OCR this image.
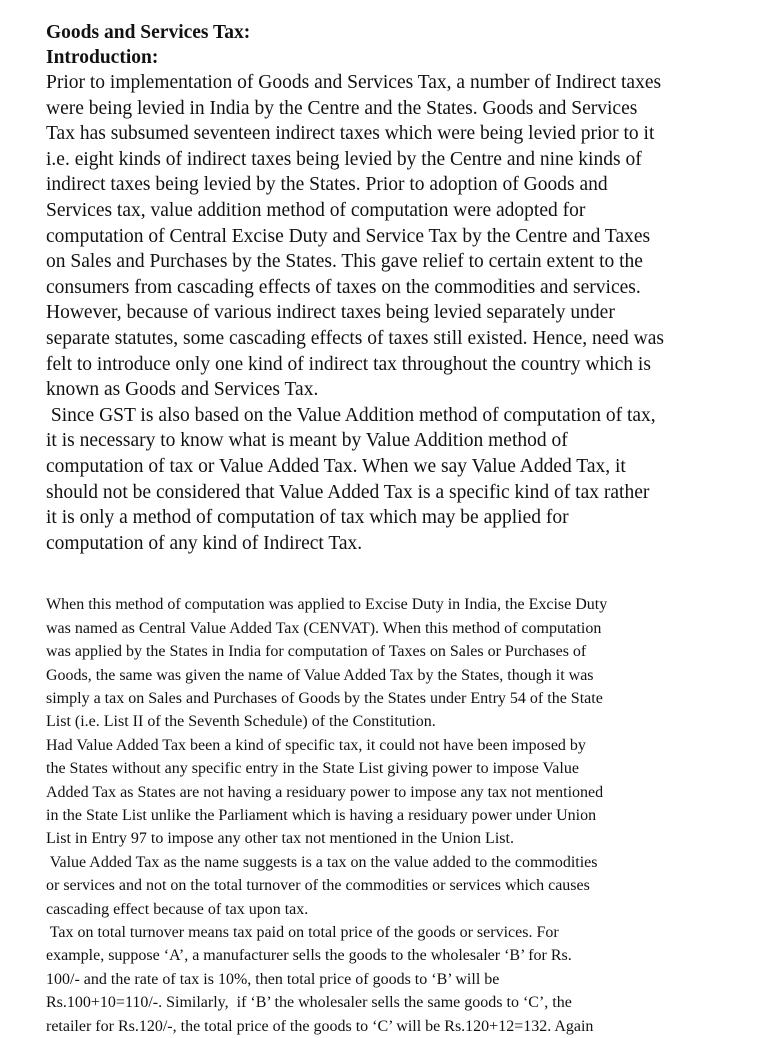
Goods and Services Tax:

Introduction:

Prior to implementation of Goods and Services Tax, a number of Indirect taxes
were being levied in India by the Centre and the States. Goods and Services
Tax has subsumed seventeen indirect taxes which were being levied prior to it
i.e. eight kinds of indirect taxes being levied by the Centre and nine kinds of
indirect taxes being levied by the States. Prior to adoption of Goods and
Services tax, value addition method of computation were adopted for
computation of Central Excise Duty and Service Tax by the Centre and Taxes
on Sales and Purchases by the States. This gave relief to certain extent to the
consumers from cascading effects of taxes on the commodities and services.
However, because of various indirect taxes being levied separately under
separate statutes, some cascading effects of taxes still existed. Hence, need was
felt to introduce only one kind of indirect tax throughout the country which is
known as Goods and Services Tax.

Since GST is also based on the Value Addition method of computation of tax,
it is necessary to know what is meant by Value Addition method of
computation of tax or Value Added Tax. When we say Value Added Tax, it
should not be considered that Value Added Tax is a specific kind of tax rather
it is only a method of computation of tax which may be applied for
computation of any kind of Indirect Tax.

When this method of computation was applied to Excise Duty in India, the Excise Duty
was named as Central Value Added Tax (CENVAT). When this method of computation
was applied by the States in India for computation of Taxes on Sales or Purchases of
Goods, the same was given the name of Value Added Tax by the States, though it was
simply a tax on Sales and Purchases of Goods by the States under Entry 54 of the State
List (i.e. List II of the Seventh Schedule) of the Constitution.

Had Value Added Tax been a kind of specific tax, it could not have been imposed by
the States without any specific entry in the State List giving power to impose Value
Added Tax as States are not having a residuary power to impose any tax not mentioned
in the State List unlike the Parliament which is having a residuary power under Union
List in Entry 97 to impose any other tax not mentioned in the Union List.

Value Added Tax as the name suggests is a tax on the value added to the commodities
or services and not on the total turnover of the commodities or services which causes
cascading effect because of tax upon tax.

Tax on total turnover means tax paid on total price of the goods or services. For
example, suppose ‘A’, a manufacturer sells the goods to the wholesaler ‘B’ for Rs.
100/- and the rate of tax is 10%, then total price of goods to ‘B’ will be
Rs.100+10=110/-. Similarly,  if ‘B’ the wholesaler sells the same goods to ‘C’, the
retailer for Rs.120/-, the total price of the goods to ‘C’ will be Rs.120+12=132. Again
